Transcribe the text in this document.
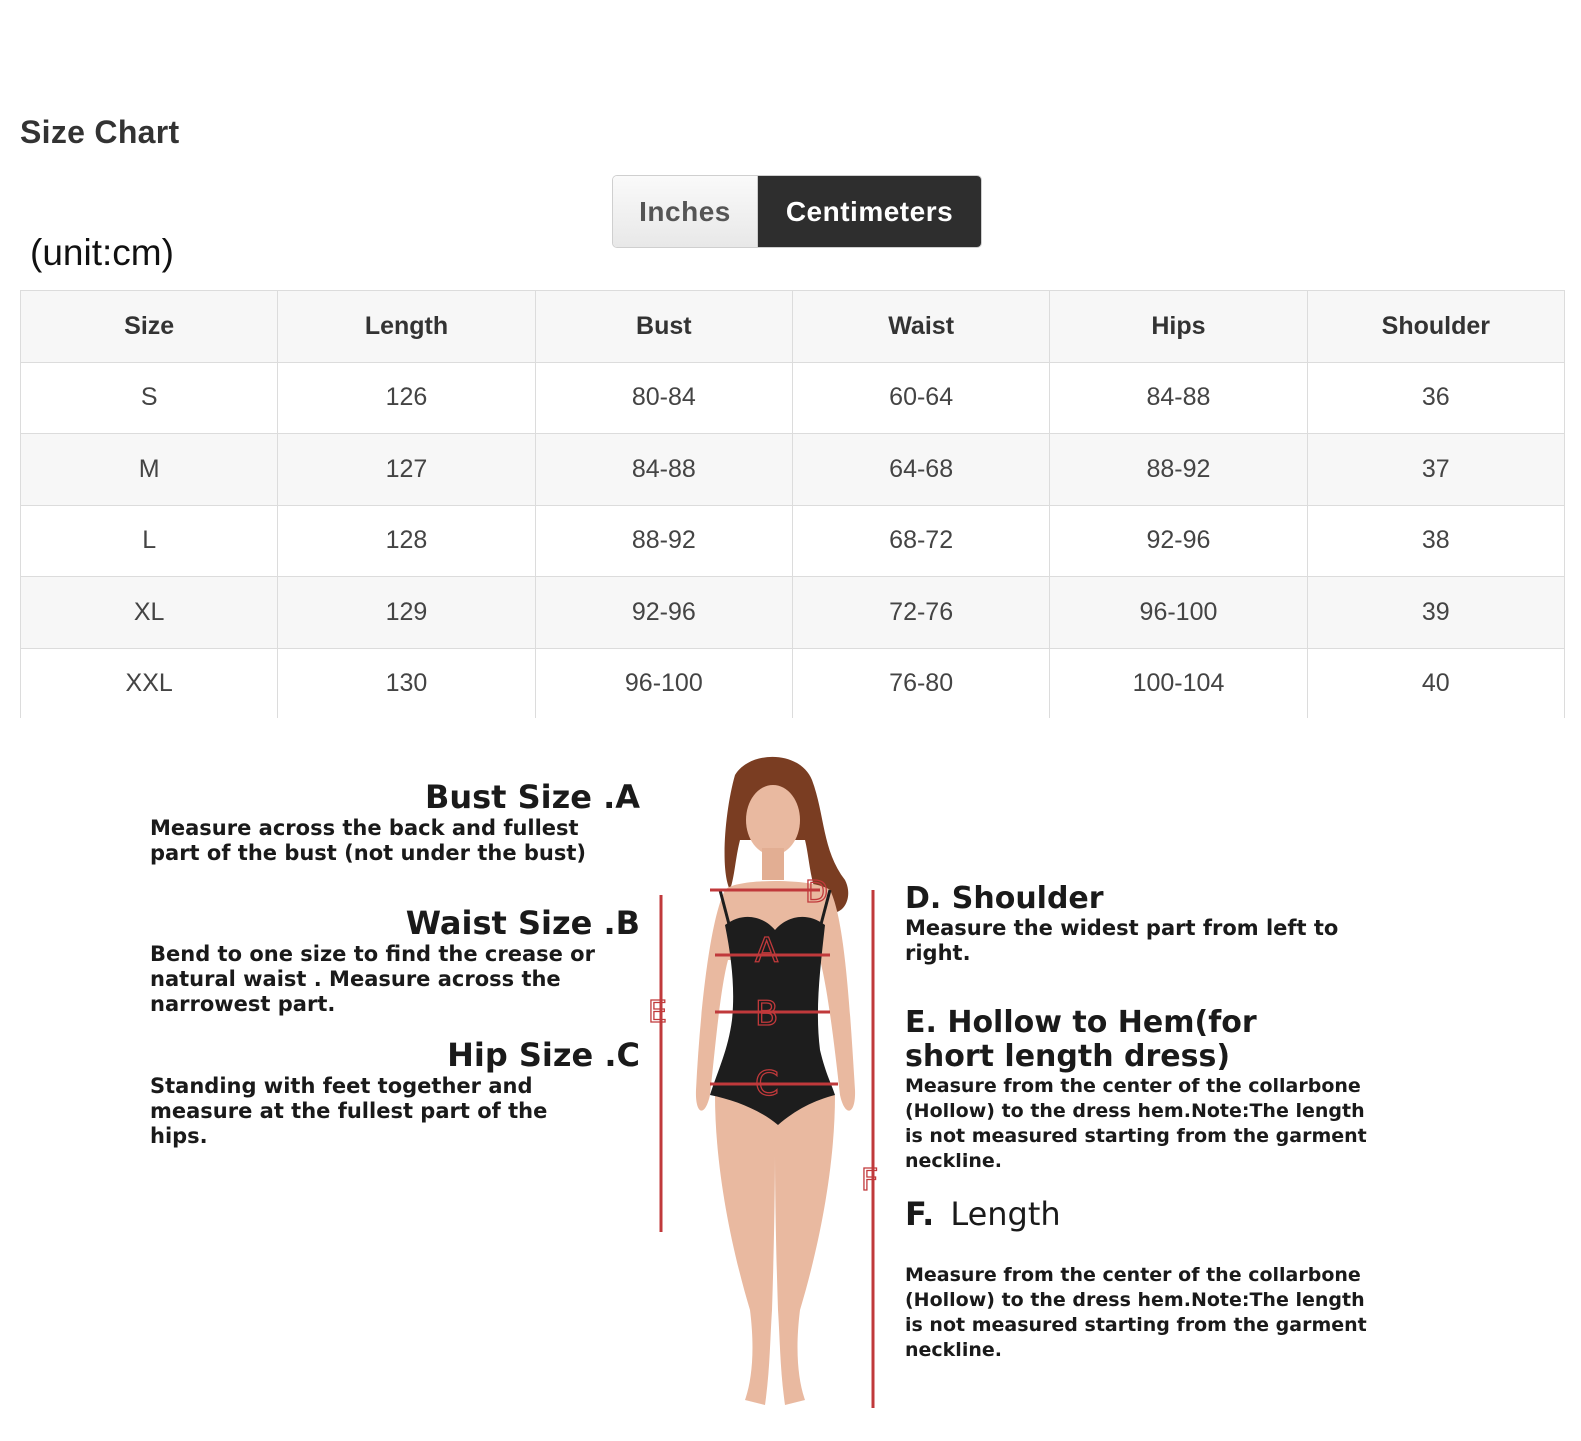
Size Chart
Inches	Centimeters
(unit:cm)
Size	Length	Bust	Waist	Hips	Shoulder
S	126	80-84	60-64	84-88	36
M	127	84-88	64-68	88-92	37
L	128	88-92	68-72	92-96	38
XL	129	92-96	72-76	96-100	39
XXL	130	96-100	76-80	100-104	40
Bust Size .A
Measure across the back and fullest
part of the bust (not under the bust)
Waist Size .B
Bend to one size to find the crease or
natural waist . Measure across the
narrowest part.
Hip Size .C
Standing with feet together and
measure at the fullest part of the
hips.
D
A
B
C
E
F
D. Shoulder
Measure the widest part from left to
right.
E. Hollow to Hem(for
short length dress)
Measure from the center of the collarbone
(Hollow) to the dress hem.Note:The length
is not measured starting from the garment
neckline.
F. Length
Measure from the center of the collarbone
(Hollow) to the dress hem.Note:The length
is not measured starting from the garment
neckline.
